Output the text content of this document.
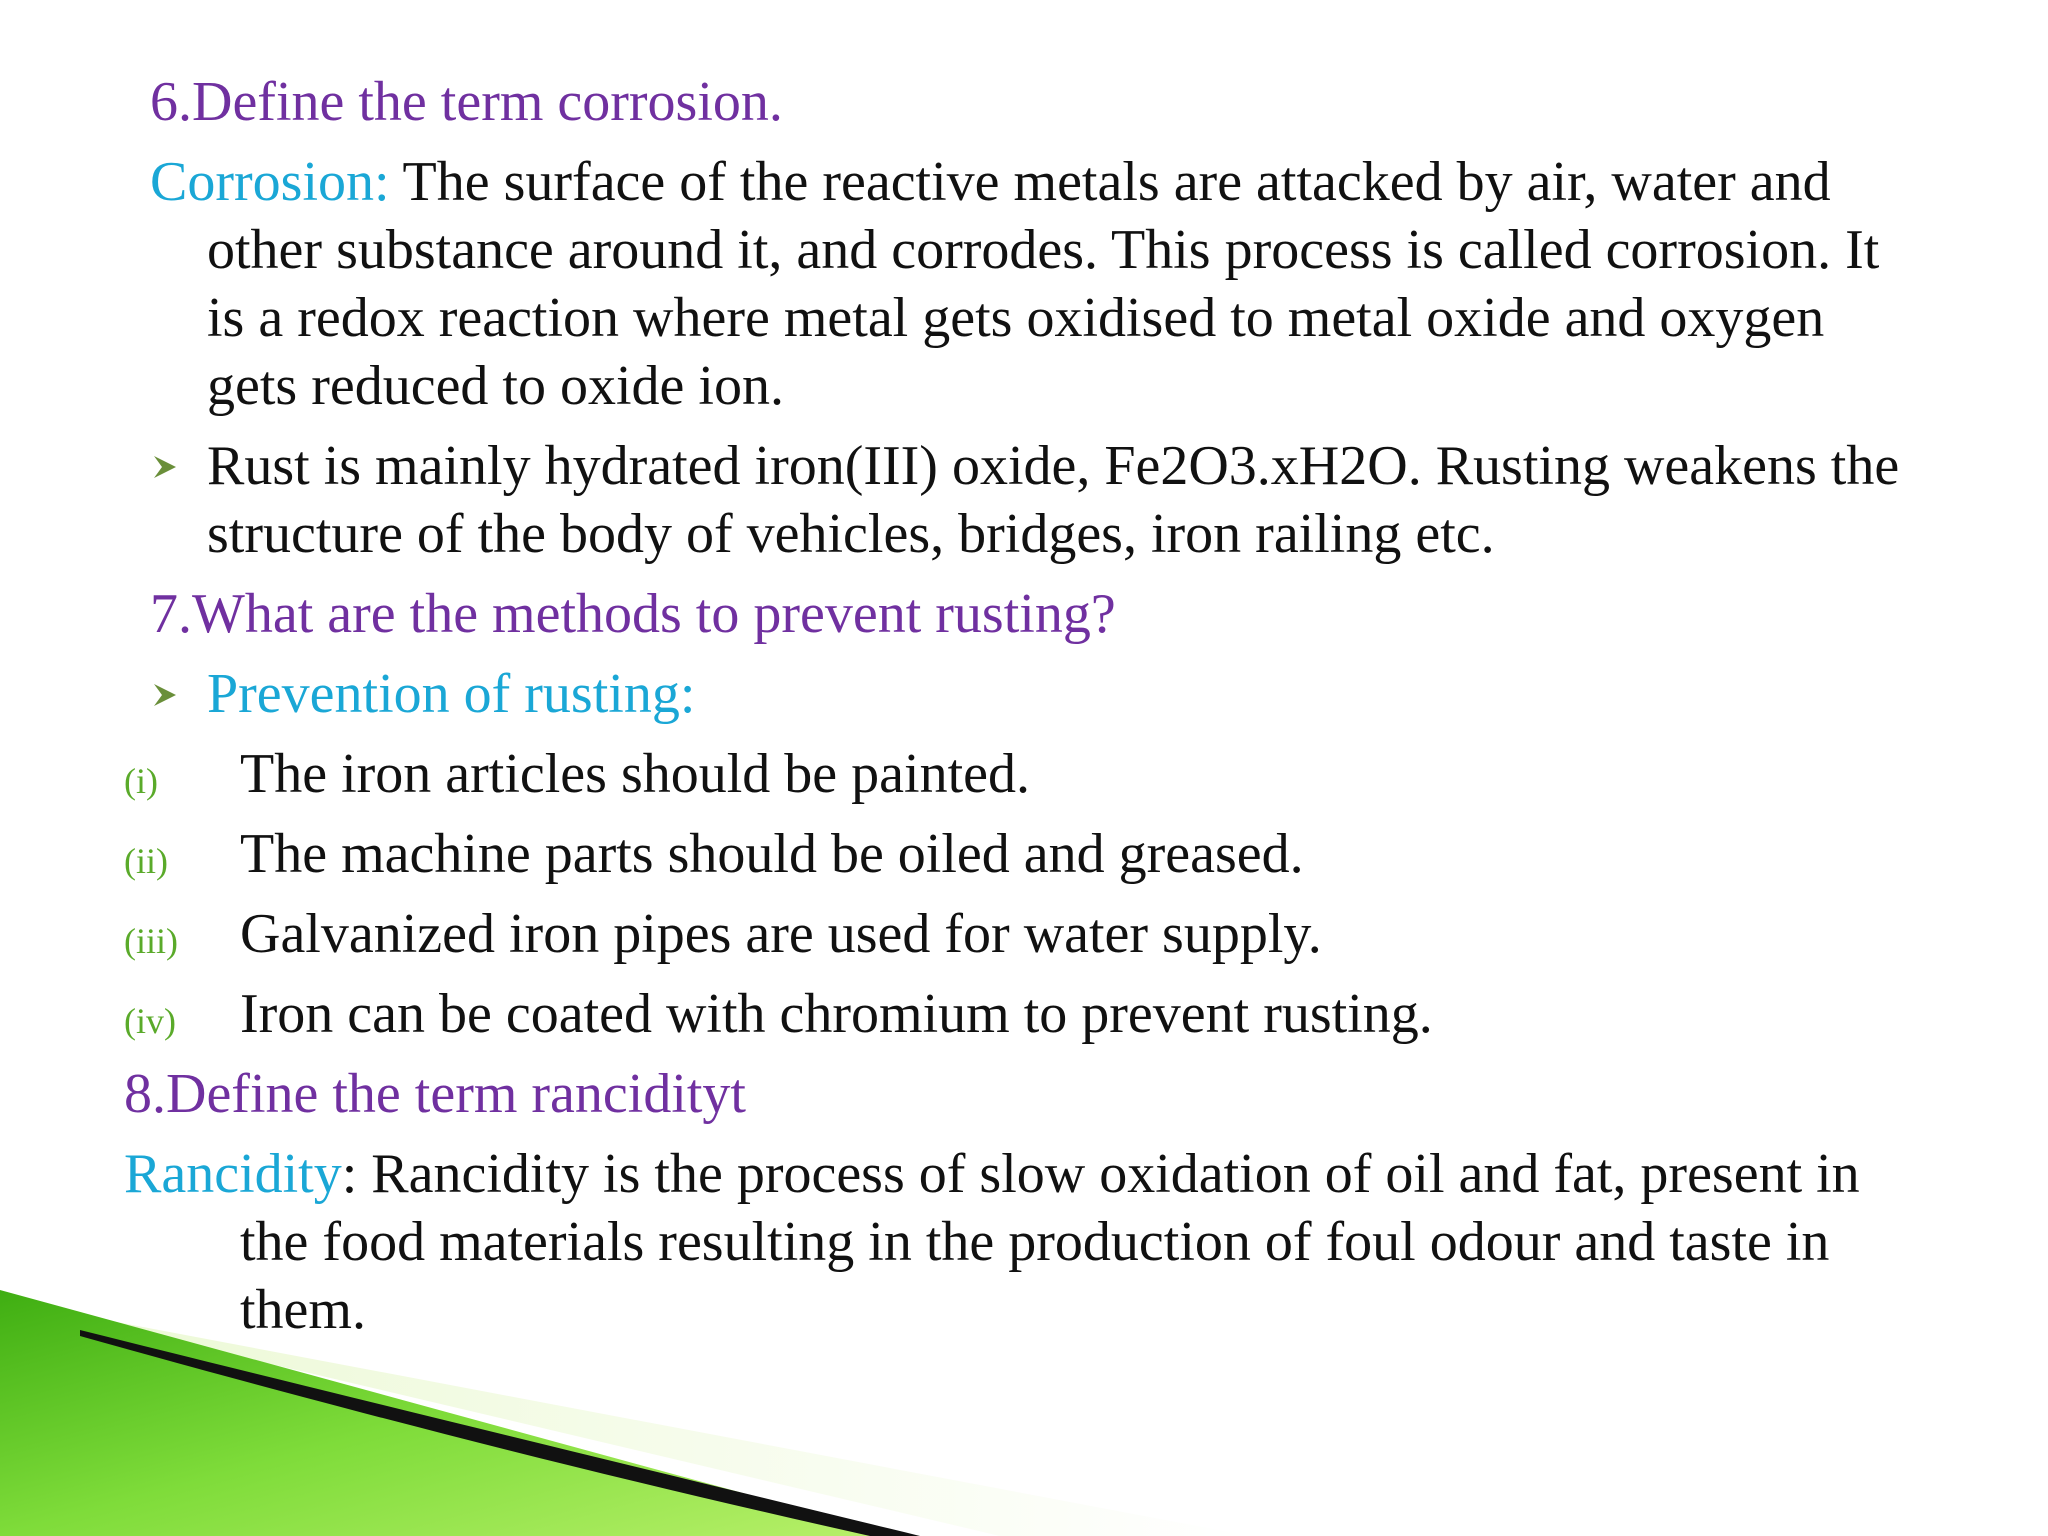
6.Define the term corrosion.

Corrosion: The surface of the reactive metals are attacked by air, water and

other substance around it, and corrodes. This process is called corrosion. It

is a redox reaction where metal gets oxidised to metal oxide and oxygen

gets reduced to oxide ion.

Rust is mainly hydrated iron(III) oxide, Fe2O3.xH2O. Rusting weakens the

structure of the body of vehicles, bridges, iron railing etc.

7.What are the methods to prevent rusting?

Prevention of rusting:

(i) The iron articles should be painted.

(ii) The machine parts should be oiled and greased.

(iii) Galvanized iron pipes are used for water supply.

(iv) Iron can be coated with chromium to prevent rusting.

8.Define the term rancidityt

Rancidity: Rancidity is the process of slow oxidation of oil and fat, present in

the food materials resulting in the production of foul odour and taste in

them.
